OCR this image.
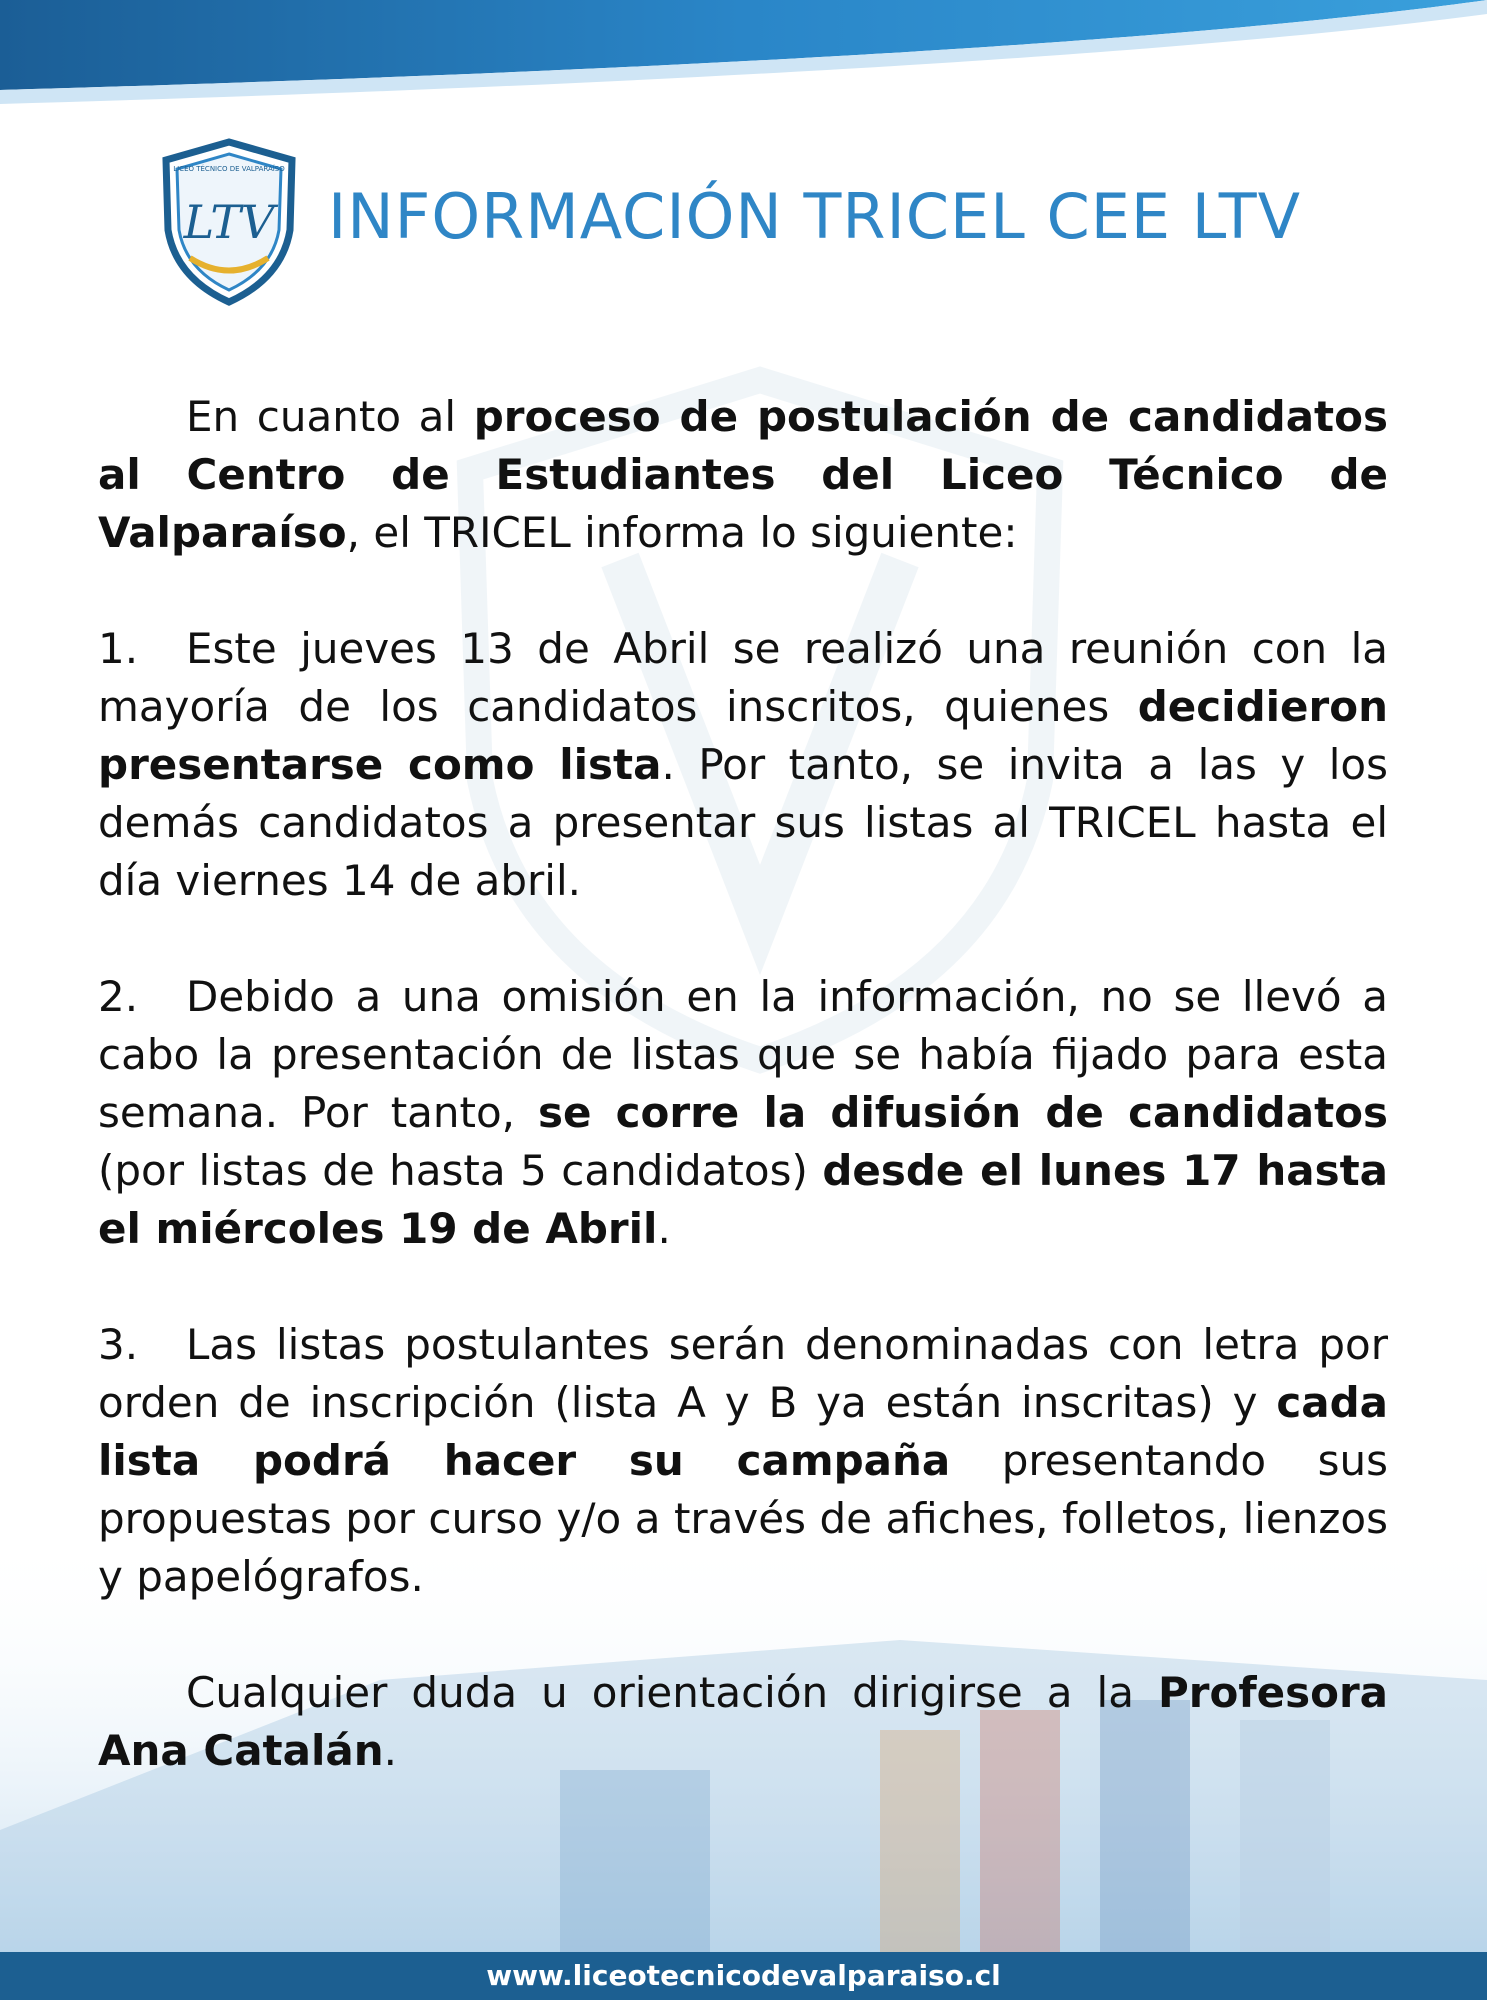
LICEO TÉCNICO DE VALPARAÍSO
LTV INFORMACIÓN TRICEL CEE LTV

En cuanto al proceso de postulación de candidatos al Centro de Estudiantes del Liceo Técnico de Valparaíso, el TRICEL informa lo siguiente:

1. Este jueves 13 de Abril se realizó una reunión con la mayoría de los candidatos inscritos, quienes decidieron presentarse como lista. Por tanto, se invita a las y los demás candidatos a presentar sus listas al TRICEL hasta el día viernes 14 de abril.

2. Debido a una omisión en la información, no se llevó a cabo la presentación de listas que se había fijado para esta semana. Por tanto, se corre la difusión de candidatos (por listas de hasta 5 candidatos) desde el lunes 17 hasta el miércoles 19 de Abril.

3. Las listas postulantes serán denominadas con letra por orden de inscripción (lista A y B ya están inscritas) y cada lista podrá hacer su campaña presentando sus propuestas por curso y/o a través de afiches, folletos, lienzos y papelógrafos.

Cualquier duda u orientación dirigirse a la Profesora Ana Catalán.

www.liceotecnicodevalparaiso.cl
